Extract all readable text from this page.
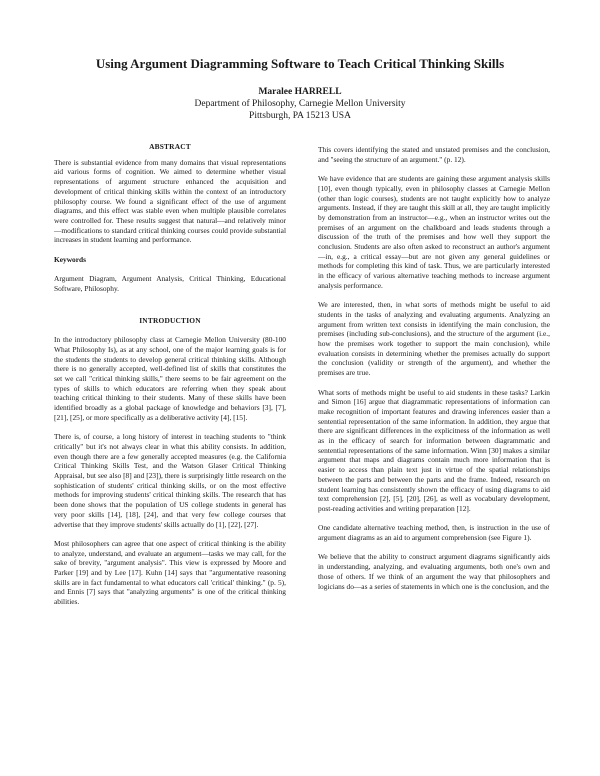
Using Argument Diagramming Software to Teach Critical Thinking Skills
Maralee HARRELL
Department of Philosophy, Carnegie Mellon University
Pittsburgh, PA 15213 USA
ABSTRACT

There is substantial evidence from many domains that visual representations aid various forms of cognition. We aimed to determine whether visual representations of argument structure enhanced the acquisition and development of critical thinking skills within the context of an introductory philosophy course. We found a significant effect of the use of argument diagrams, and this effect was stable even when multiple plausible correlates were controlled for. These results suggest that natural—and relatively minor—modifications to standard critical thinking courses could provide substantial increases in student learning and performance.

Keywords

Argument Diagram, Argument Analysis, Critical Thinking, Educational Software, Philosophy.

INTRODUCTION

In the introductory philosophy class at Carnegie Mellon University (80-100 What Philosophy Is), as at any school, one of the major learning goals is for the students the students to develop general critical thinking skills. Although there is no generally accepted, well-defined list of skills that constitutes the set we call "critical thinking skills," there seems to be fair agreement on the types of skills to which educators are referring when they speak about teaching critical thinking to their students. Many of these skills have been identified broadly as a global package of knowledge and behaviors [3], [7], [21], [25], or more specifically as a deliberative activity [4], [15].

There is, of course, a long history of interest in teaching students to "think critically" but it's not always clear in what this ability consists. In addition, even though there are a few generally accepted measures (e.g. the California Critical Thinking Skills Test, and the Watson Glaser Critical Thinking Appraisal, but see also [8] and [23]), there is surprisingly little research on the sophistication of students' critical thinking skills, or on the most effective methods for improving students' critical thinking skills. The research that has been done shows that the population of US college students in general has very poor skills [14], [18], [24], and that very few college courses that advertise that they improve students' skills actually do [1], [22], [27].

Most philosophers can agree that one aspect of critical thinking is the ability to analyze, understand, and evaluate an argument—tasks we may call, for the sake of brevity, "argument analysis". This view is expressed by Moore and Parker [19] and by Lee [17]. Kuhn [14] says that "argumentative reasoning skills are in fact fundamental to what educators call 'critical' thinking." (p. 5), and Ennis [7] says that "analyzing arguments" is one of the critical thinking abilities.

This covers identifying the stated and unstated premises and the conclusion, and "seeing the structure of an argument." (p. 12).

We have evidence that are students are gaining these argument analysis skills [10], even though typically, even in philosophy classes at Carnegie Mellon (other than logic courses), students are not taught explicitly how to analyze arguments. Instead, if they are taught this skill at all, they are taught implicitly by demonstration from an instructor—e.g., when an instructor writes out the premises of an argument on the chalkboard and leads students through a discussion of the truth of the premises and how well they support the conclusion. Students are also often asked to reconstruct an author's argument—in, e.g., a critical essay—but are not given any general guidelines or methods for completing this kind of task. Thus, we are particularly interested in the efficacy of various alternative teaching methods to increase argument analysis performance.

We are interested, then, in what sorts of methods might be useful to aid students in the tasks of analyzing and evaluating arguments. Analyzing an argument from written text consists in identifying the main conclusion, the premises (including sub-conclusions), and the structure of the argument (i.e., how the premises work together to support the main conclusion), while evaluation consists in determining whether the premises actually do support the conclusion (validity or strength of the argument), and whether the premises are true.

What sorts of methods might be useful to aid students in these tasks? Larkin and Simon [16] argue that diagrammatic representations of information can make recognition of important features and drawing inferences easier than a sentential representation of the same information. In addition, they argue that there are significant differences in the explicitness of the information as well as in the efficacy of search for information between diagrammatic and sentential representations of the same information. Winn [30] makes a similar argument that maps and diagrams contain much more information that is easier to access than plain text just in virtue of the spatial relationships between the parts and between the parts and the frame. Indeed, research on student learning has consistently shown the efficacy of using diagrams to aid text comprehension [2], [5], [20], [26], as well as vocabulary development, post-reading activities and writing preparation [12].

One candidate alternative teaching method, then, is instruction in the use of argument diagrams as an aid to argument comprehension (see Figure 1).

We believe that the ability to construct argument diagrams significantly aids in understanding, analyzing, and evaluating arguments, both one's own and those of others. If we think of an argument the way that philosophers and logicians do—as a series of statements in which one is the conclusion, and the
